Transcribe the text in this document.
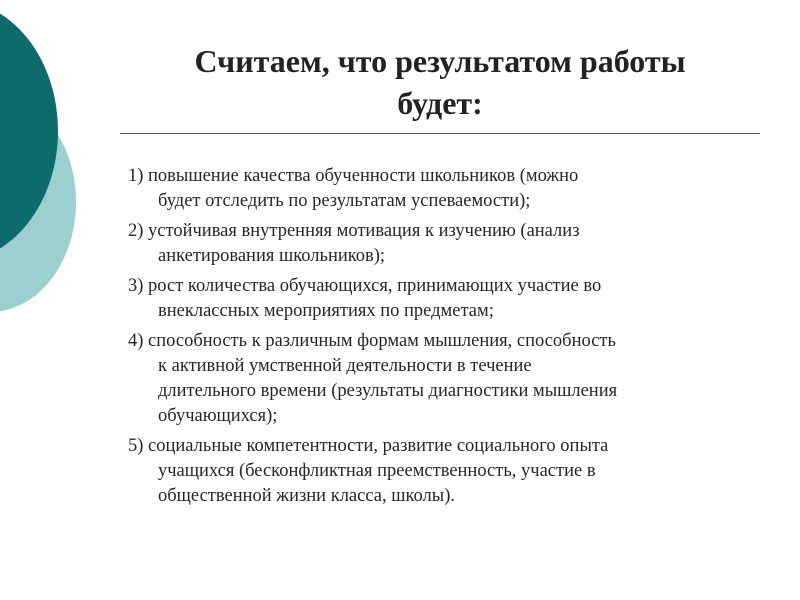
Считаем, что результатом работы
будет:

1) повышение качества обученности школьников (можно
будет отследить по результатам успеваемости);

2) устойчивая внутренняя мотивация к изучению (анализ
анкетирования школьников);

3) рост количества обучающихся, принимающих участие во
внеклассных мероприятиях по предметам;

4) способность к различным формам мышления, способность
к активной умственной деятельности в течение
длительного времени (результаты диагностики мышления
обучающихся);

5) социальные компетентности, развитие социального опыта
учащихся (бесконфликтная преемственность, участие в
общественной жизни класса, школы).
